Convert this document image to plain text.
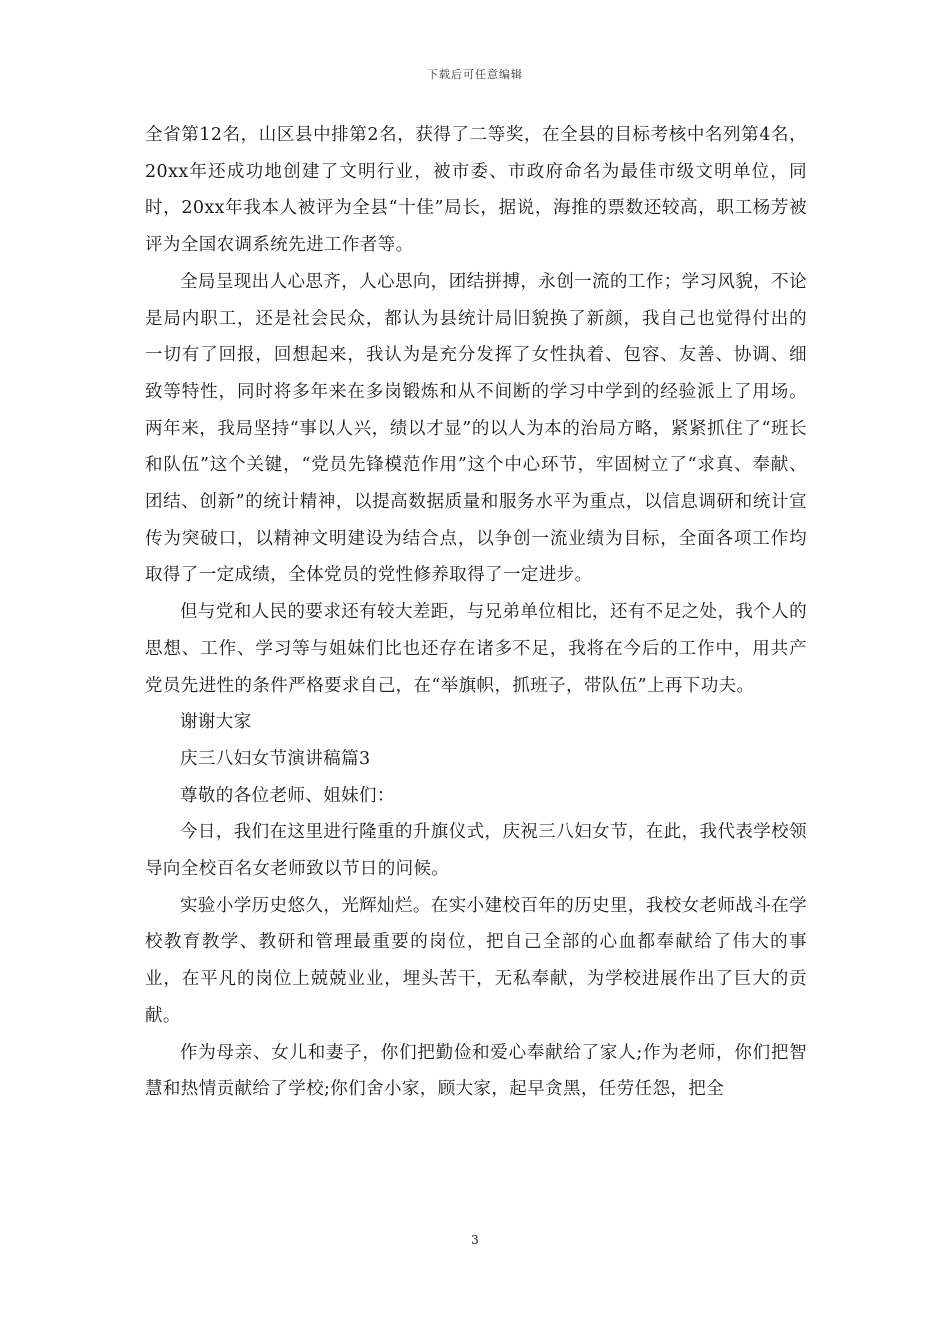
下载后可任意编辑

全省第12名，山区县中排第2名，获得了二等奖，在全县的目标考核中名列第4名，20xx年还成功地创建了文明行业，被市委、市政府命名为最佳市级文明单位，同时，20xx年我本人被评为全县“十佳”局长，据说，海推的票数还较高，职工杨芳被评为全国农调系统先进工作者等。

全局呈现出人心思齐，人心思向，团结拼搏，永创一流的工作；学习风貌，不论是局内职工，还是社会民众，都认为县统计局旧貌换了新颜，我自己也觉得付出的一切有了回报，回想起来，我认为是充分发挥了女性执着、包容、友善、协调、细致等特性，同时将多年来在多岗锻炼和从不间断的学习中学到的经验派上了用场。两年来，我局坚持“事以人兴，绩以才显”的以人为本的治局方略，紧紧抓住了“班长和队伍”这个关键，“党员先锋模范作用”这个中心环节，牢固树立了“求真、奉献、团结、创新”的统计精神，以提高数据质量和服务水平为重点，以信息调研和统计宣传为突破口，以精神文明建设为结合点，以争创一流业绩为目标，全面各项工作均取得了一定成绩，全体党员的党性修养取得了一定进步。

但与党和人民的要求还有较大差距，与兄弟单位相比，还有不足之处，我个人的思想、工作、学习等与姐妹们比也还存在诸多不足，我将在今后的工作中，用共产党员先进性的条件严格要求自己，在“举旗帜，抓班子，带队伍”上再下功夫。

谢谢大家

庆三八妇女节演讲稿篇3

尊敬的各位老师、姐妹们：

今日，我们在这里进行隆重的升旗仪式，庆祝三八妇女节，在此，我代表学校领导向全校百名女老师致以节日的问候。

实验小学历史悠久，光辉灿烂。在实小建校百年的历史里，我校女老师战斗在学校教育教学、教研和管理最重要的岗位，把自己全部的心血都奉献给了伟大的事业，在平凡的岗位上兢兢业业，埋头苦干，无私奉献，为学校进展作出了巨大的贡献。

作为母亲、女儿和妻子，你们把勤俭和爱心奉献给了家人;作为老师，你们把智慧和热情贡献给了学校;你们舍小家，顾大家，起早贪黑，任劳任怨，把全

3
